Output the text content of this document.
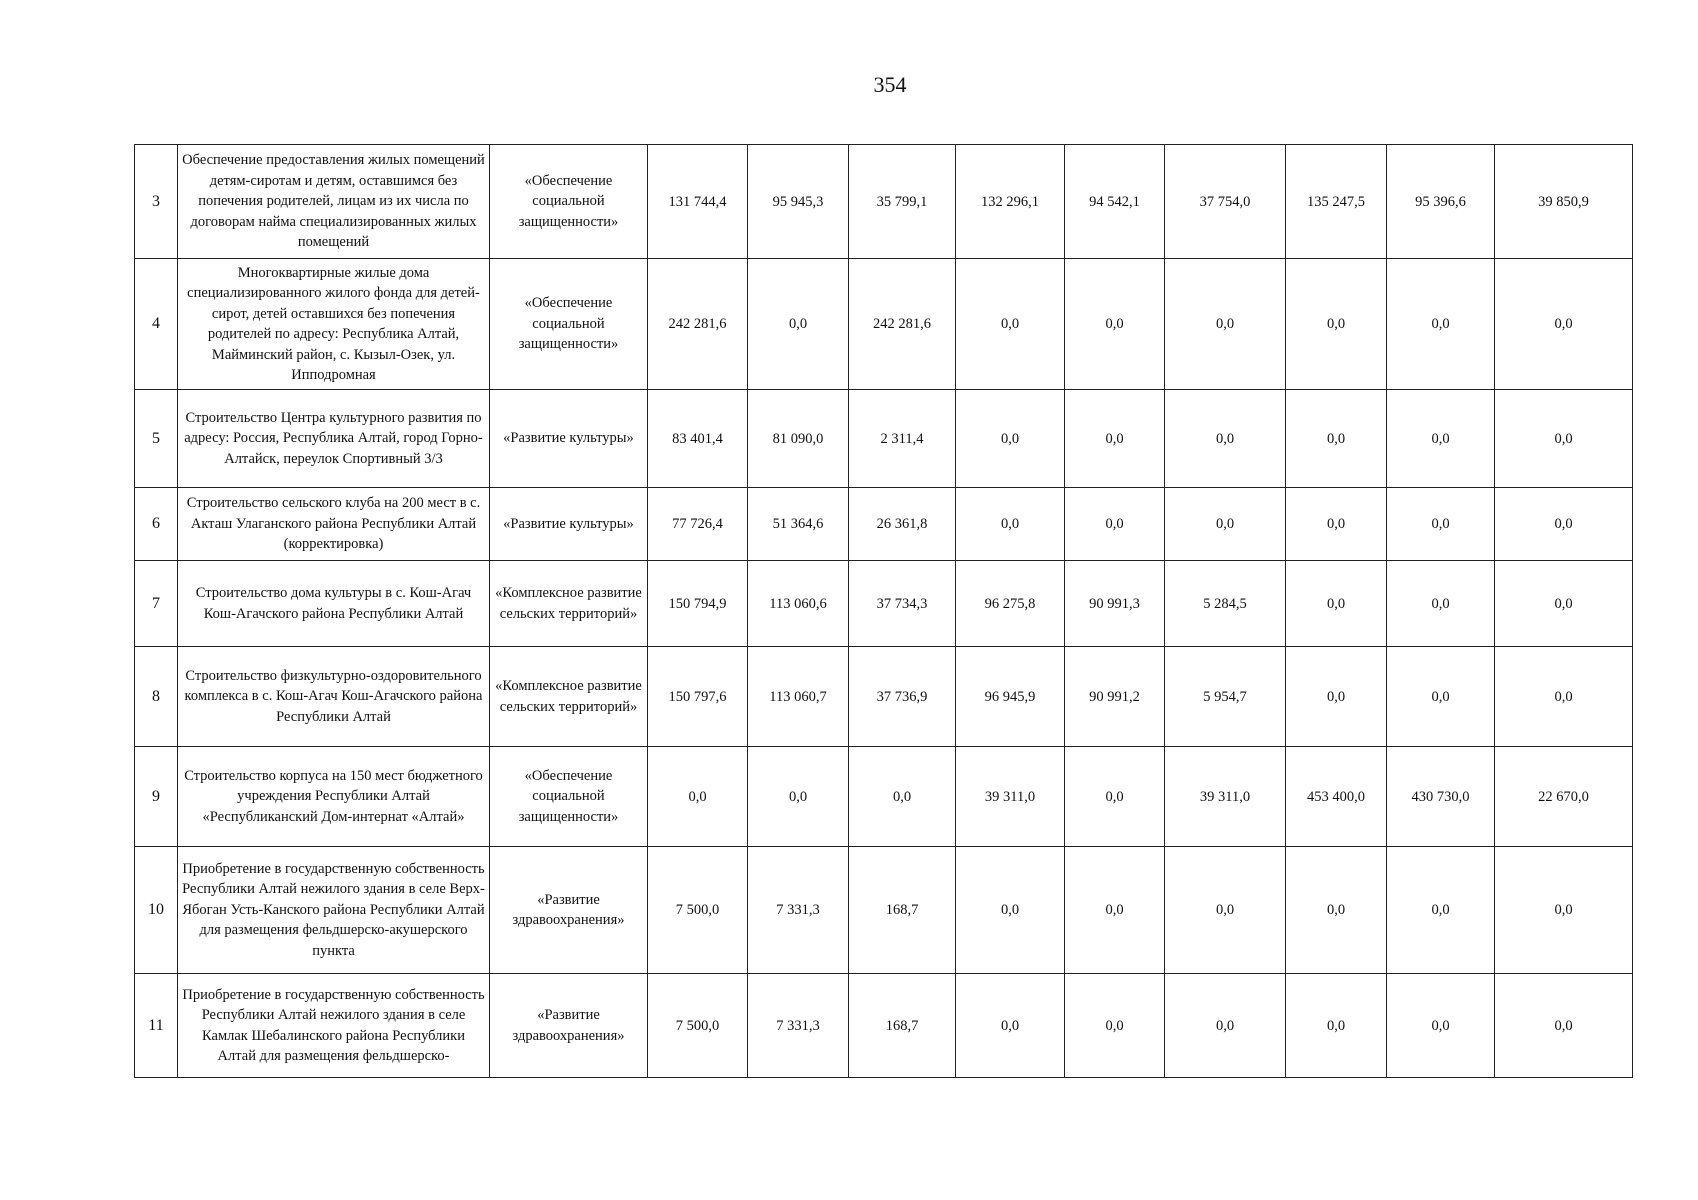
354
3	Обеспечение предоставления жилых помещений детям-сиротам и детям, оставшимся без попечения родителей, лицам из их числа по договорам найма специализированных жилых помещений	«Обеспечение социальной защищенности»	131 744,4	95 945,3	35 799,1	132 296,1	94 542,1	37 754,0	135 247,5	95 396,6	39 850,9
4	Многоквартирные жилые дома специализированного жилого фонда для детей-сирот, детей оставшихся без попечения родителей по адресу: Республика Алтай, Майминский район, с. Кызыл-Озек, ул. Ипподромная	«Обеспечение социальной защищенности»	242 281,6	0,0	242 281,6	0,0	0,0	0,0	0,0	0,0	0,0
5	Строительство Центра культурного развития по адресу: Россия, Республика Алтай, город Горно-Алтайск, переулок Спортивный 3/3	«Развитие культуры»	83 401,4	81 090,0	2 311,4	0,0	0,0	0,0	0,0	0,0	0,0
6	Строительство сельского клуба на 200 мест в с. Акташ Улаганского района Республики Алтай (корректировка)	«Развитие культуры»	77 726,4	51 364,6	26 361,8	0,0	0,0	0,0	0,0	0,0	0,0
7	Строительство дома культуры в с. Кош-Агач Кош-Агачского района Республики Алтай	«Комплексное развитие сельских территорий»	150 794,9	113 060,6	37 734,3	96 275,8	90 991,3	5 284,5	0,0	0,0	0,0
8	Строительство физкультурно-оздоровительного комплекса в с. Кош-Агач Кош-Агачского района Республики Алтай	«Комплексное развитие сельских территорий»	150 797,6	113 060,7	37 736,9	96 945,9	90 991,2	5 954,7	0,0	0,0	0,0
9	Строительство корпуса на 150 мест бюджетного учреждения Республики Алтай «Республиканский Дом-интернат «Алтай»	«Обеспечение социальной защищенности»	0,0	0,0	0,0	39 311,0	0,0	39 311,0	453 400,0	430 730,0	22 670,0
10	Приобретение в государственную собственность Республики Алтай нежилого здания в селе Верх-Ябоган Усть-Канского района Республики Алтай для размещения фельдшерско-акушерского пункта	«Развитие здравоохранения»	7 500,0	7 331,3	168,7	0,0	0,0	0,0	0,0	0,0	0,0
11	Приобретение в государственную собственность Республики Алтай нежилого здания в селе Камлак Шебалинского района Республики Алтай для размещения фельдшерско-	«Развитие здравоохранения»	7 500,0	7 331,3	168,7	0,0	0,0	0,0	0,0	0,0	0,0
